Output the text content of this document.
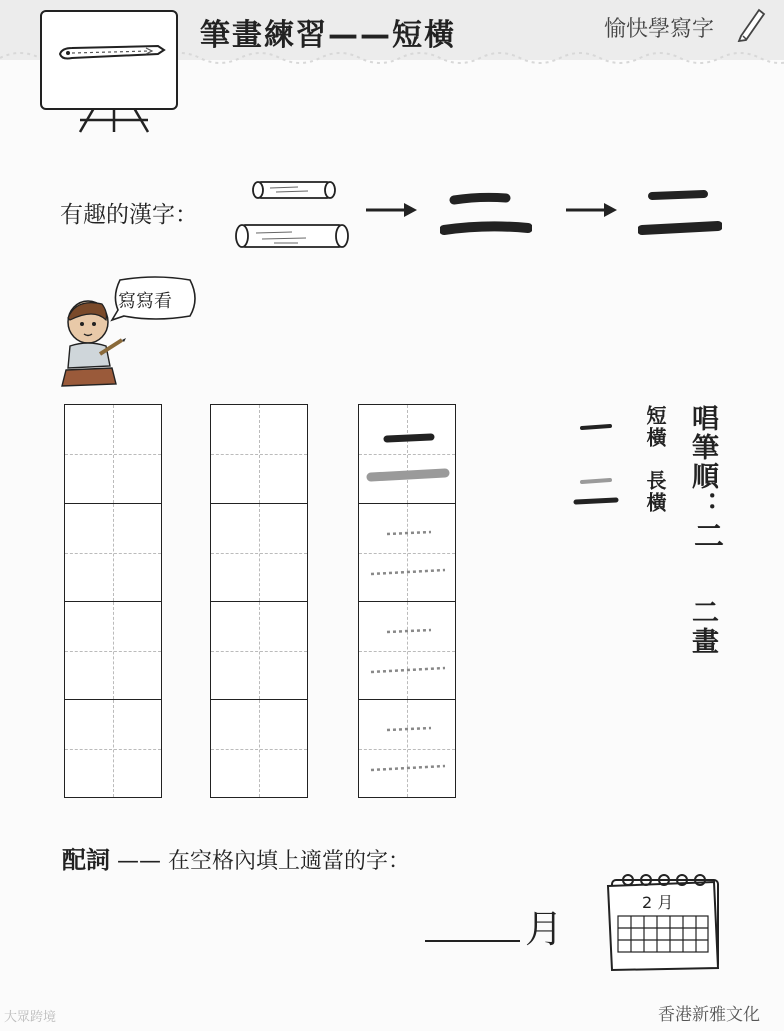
筆畫練習——短橫	愉快學寫字
有趣的漢字：
寫寫看
唱筆順：
二
二畫
短橫
長橫
配詞 —— 在空格內填上適當的字：
月
2 月
大眾跨境	香港新雅文化
